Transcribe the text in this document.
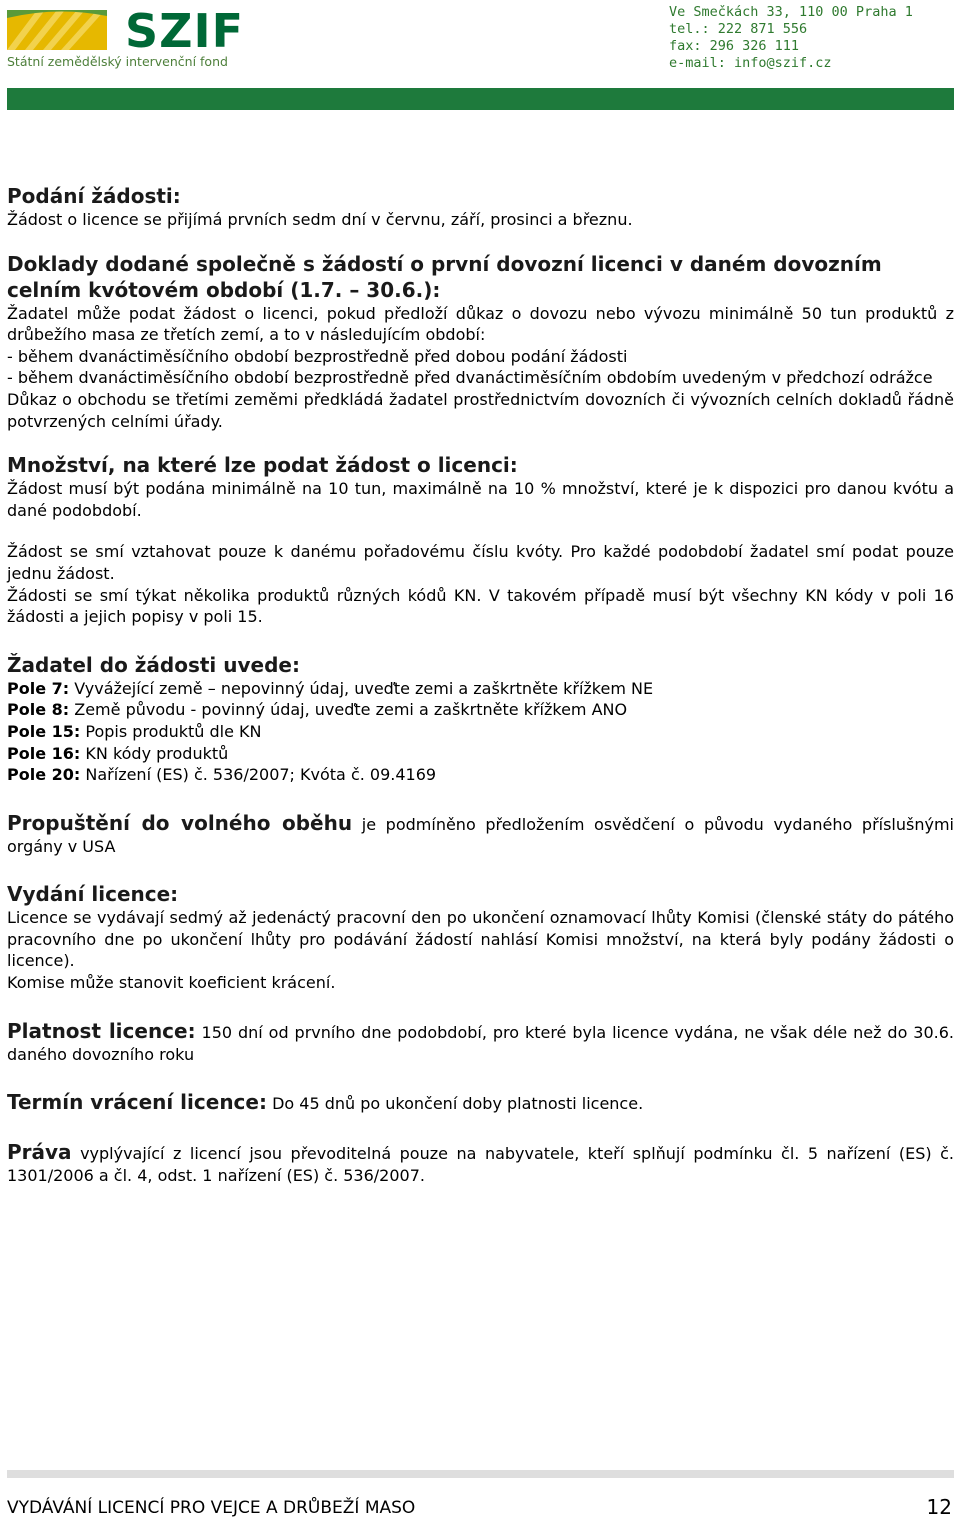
SZIF
Státní zemědělský intervenční fond
Ve Smečkách 33, 110 00 Praha 1
tel.: 222 871 556
fax: 296 326 111
e-mail: info@szif.cz

Podání žádosti:

Žádost o licence se přijímá prvních sedm dní v červnu, září, prosinci a březnu.

Doklady dodané společně s žádostí o první dovozní licenci v daném dovozním celním kvótovém období (1.7. – 30.6.):

Žadatel může podat žádost o licenci, pokud předloží důkaz o dovozu nebo vývozu minimálně 50 tun produktů z drůbežího masa ze třetích zemí, a to v následujícím období:

- během dvanáctiměsíčního období bezprostředně před dobou podání žádosti

- během dvanáctiměsíčního období bezprostředně před dvanáctiměsíčním obdobím uvedeným v předchozí odrážce

Důkaz o obchodu se třetími zeměmi předkládá žadatel prostřednictvím dovozních či vývozních celních dokladů řádně potvrzených celními úřady.

Množství, na které lze podat žádost o licenci:

Žádost musí být podána minimálně na 10 tun, maximálně na 10 % množství, které je k dispozici pro danou kvótu a dané podobdobí.

Žádost se smí vztahovat pouze k danému pořadovému číslu kvóty. Pro každé podobdobí žadatel smí podat pouze jednu žádost.

Žádosti se smí týkat několika produktů různých kódů KN. V takovém případě musí být všechny KN kódy v poli 16 žádosti a jejich popisy v poli 15.

Žadatel do žádosti uvede:

Pole 7: Vyvážející země – nepovinný údaj, uveďte zemi a zaškrtněte křížkem NE

Pole 8: Země původu - povinný údaj, uveďte zemi a zaškrtněte křížkem ANO

Pole 15: Popis produktů dle KN

Pole 16: KN kódy produktů

Pole 20: Nařízení (ES) č. 536/2007; Kvóta č. 09.4169

Propuštění do volného oběhu je podmíněno předložením osvědčení o původu vydaného příslušnými orgány v USA

Vydání licence:

Licence se vydávají sedmý až jedenáctý pracovní den po ukončení oznamovací lhůty Komisi (členské státy do pátého pracovního dne po ukončení lhůty pro podávání žádostí nahlásí Komisi množství, na která byly podány žádosti o licence).

Komise může stanovit koeficient krácení.

Platnost licence: 150 dní od prvního dne podobdobí, pro které byla licence vydána, ne však déle než do 30.6. daného dovozního roku

Termín vrácení licence: Do 45 dnů po ukončení doby platnosti licence.

Práva vyplývající z licencí jsou převoditelná pouze na nabyvatele, kteří splňují podmínku čl. 5 nařízení (ES) č. 1301/2006 a čl. 4, odst. 1 nařízení (ES) č. 536/2007.

VYDÁVÁNÍ LICENCÍ PRO VEJCE A DRŮBEŽÍ MASO	12
